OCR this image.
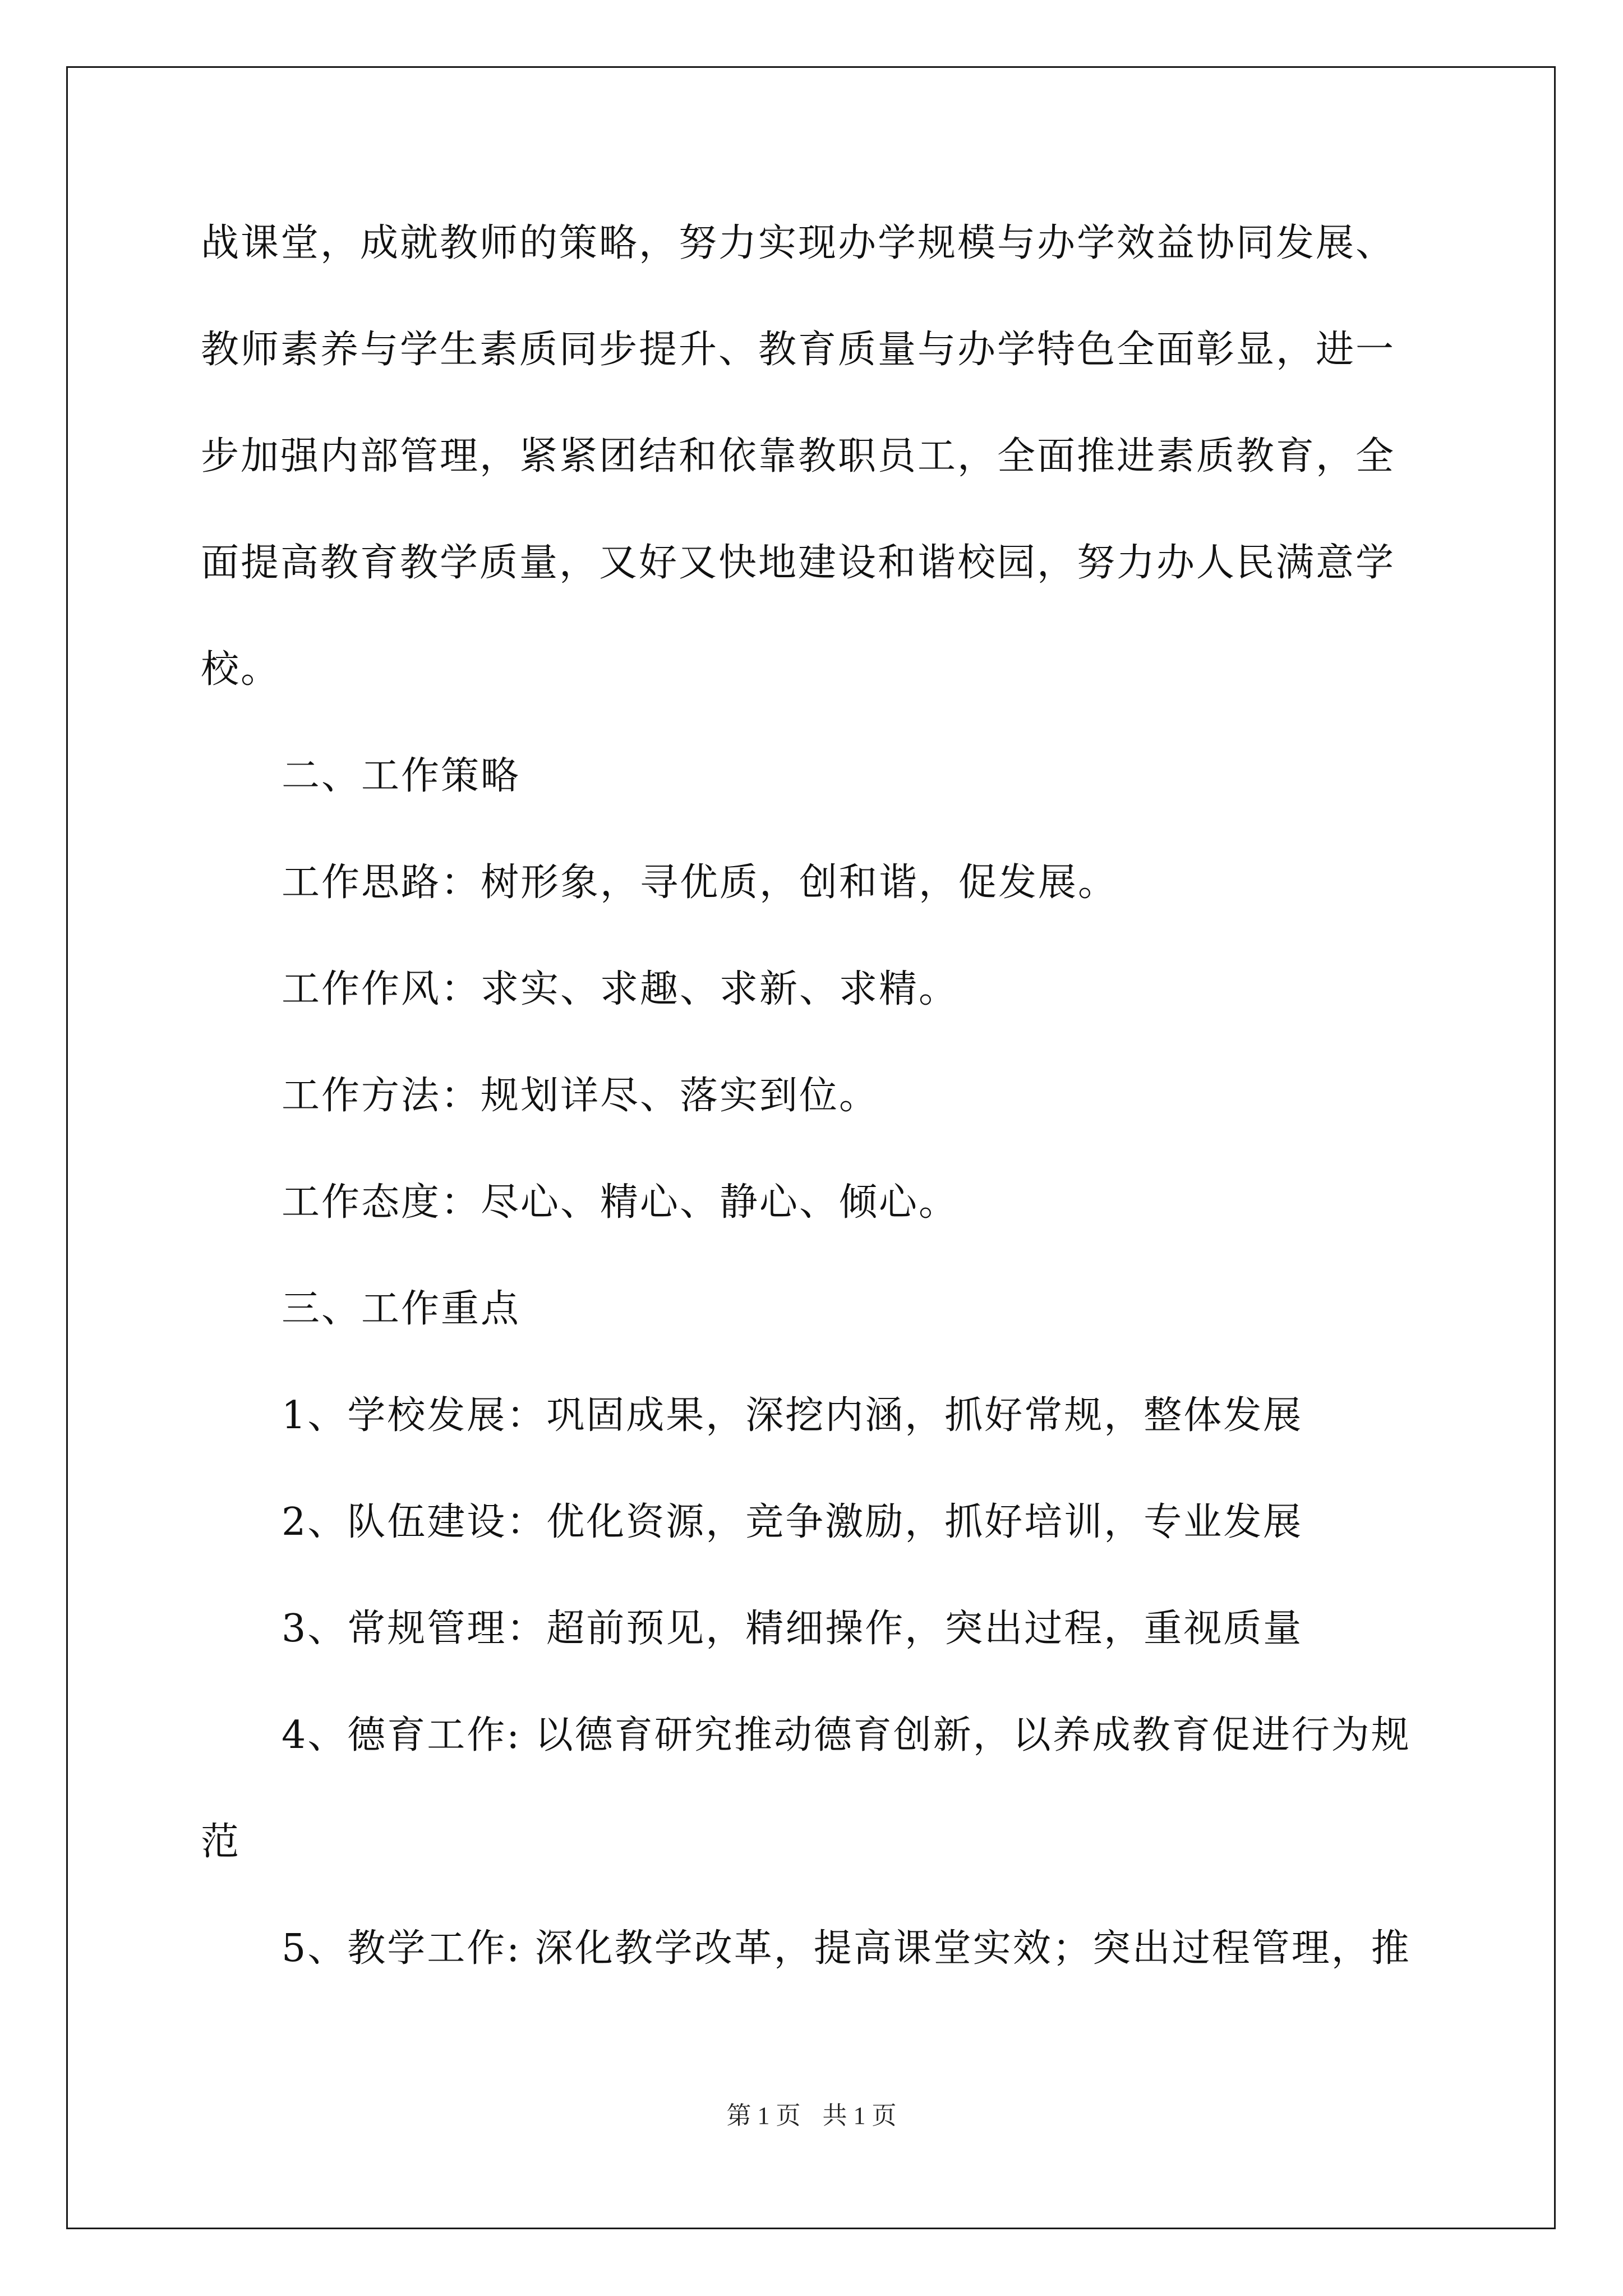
战课堂，成就教师的策略，努力实现办学规模与办学效益协同发展、
教师素养与学生素质同步提升、教育质量与办学特色全面彰显，进一
步加强内部管理，紧紧团结和依靠教职员工，全面推进素质教育，全
面提高教育教学质量，又好又快地建设和谐校园，努力办人民满意学
校。
二、工作策略
工作思路：树形象，寻优质，创和谐，促发展。
工作作风：求实、求趣、求新、求精。
工作方法：规划详尽、落实到位。
工作态度：尽心、精心、静心、倾心。
三、工作重点
1、学校发展：巩固成果，深挖内涵，抓好常规，整体发展
2、队伍建设：优化资源，竞争激励，抓好培训，专业发展
3、常规管理：超前预见，精细操作，突出过程，重视质量
4、德育工作: 以德育研究推动德育创新，以养成教育促进行为规
范
5、教学工作: 深化教学改革，提高课堂实效；突出过程管理，推
第 1 页 共 1 页
